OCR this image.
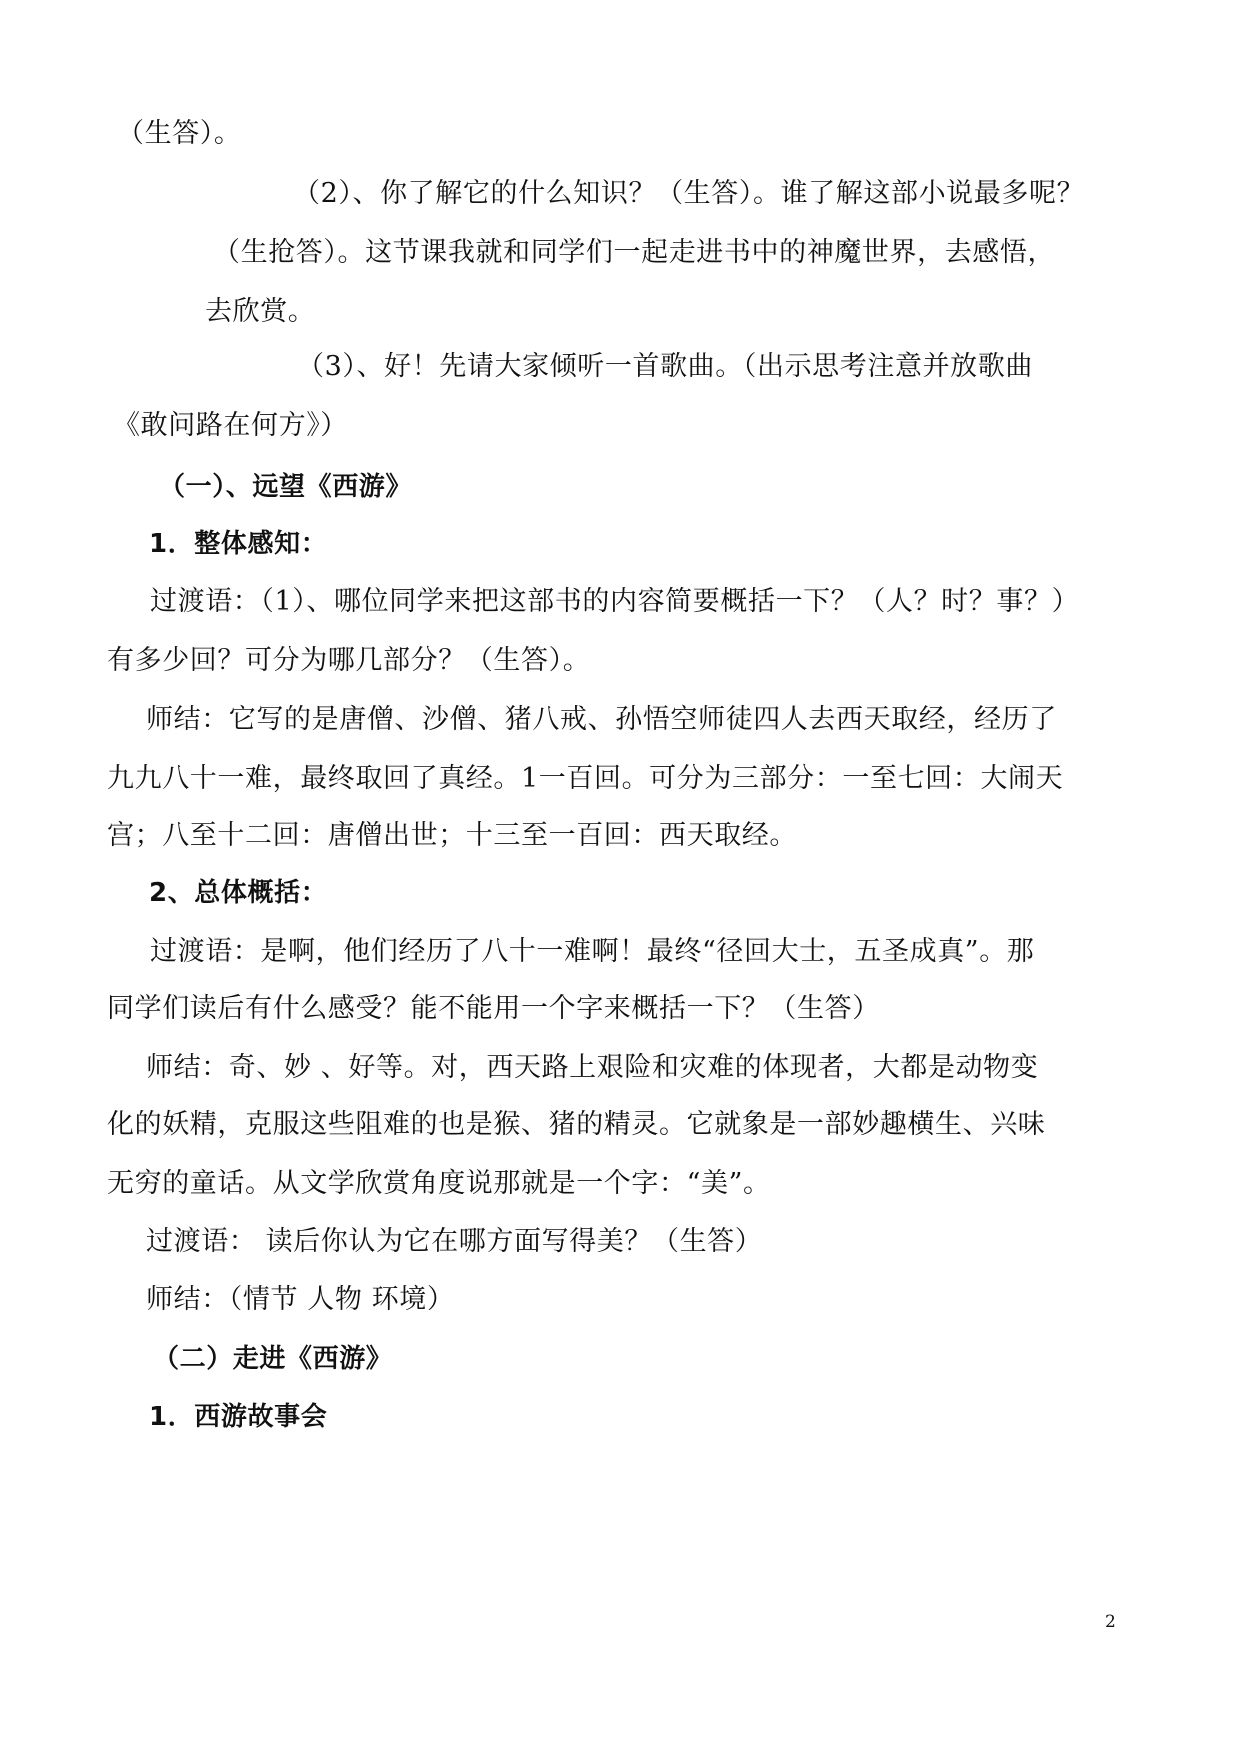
（生答）。
（2）、你了解它的什么知识？（生答）。谁了解这部小说最多呢？
（生抢答）。这节课我就和同学们一起走进书中的神魔世界，去感悟，
去欣赏。
（3）、好！先请大家倾听一首歌曲。（出示思考注意并放歌曲
《敢问路在何方》）
（一）、远望《西游》
1．整体感知：
过渡语：（1）、哪位同学来把这部书的内容简要概括一下？（人？时？事？）
有多少回？可分为哪几部分？（生答）。
师结：它写的是唐僧、沙僧、猪八戒、孙悟空师徒四人去西天取经，经历了
九九八十一难，最终取回了真经。1一百回。可分为三部分：一至七回：大闹天
宫；八至十二回：唐僧出世；十三至一百回：西天取经。
2、总体概括：
过渡语：是啊，他们经历了八十一难啊！最终“径回大士，五圣成真”。那
同学们读后有什么感受？能不能用一个字来概括一下？（生答）
师结：奇、妙 、好等。对，西天路上艰险和灾难的体现者，大都是动物变
化的妖精，克服这些阻难的也是猴、猪的精灵。它就象是一部妙趣横生、兴味
无穷的童话。从文学欣赏角度说那就是一个字：“美”。
过渡语： 读后你认为它在哪方面写得美？（生答）
师结：（情节 人物 环境）
（二）走进《西游》
1．西游故事会
2
